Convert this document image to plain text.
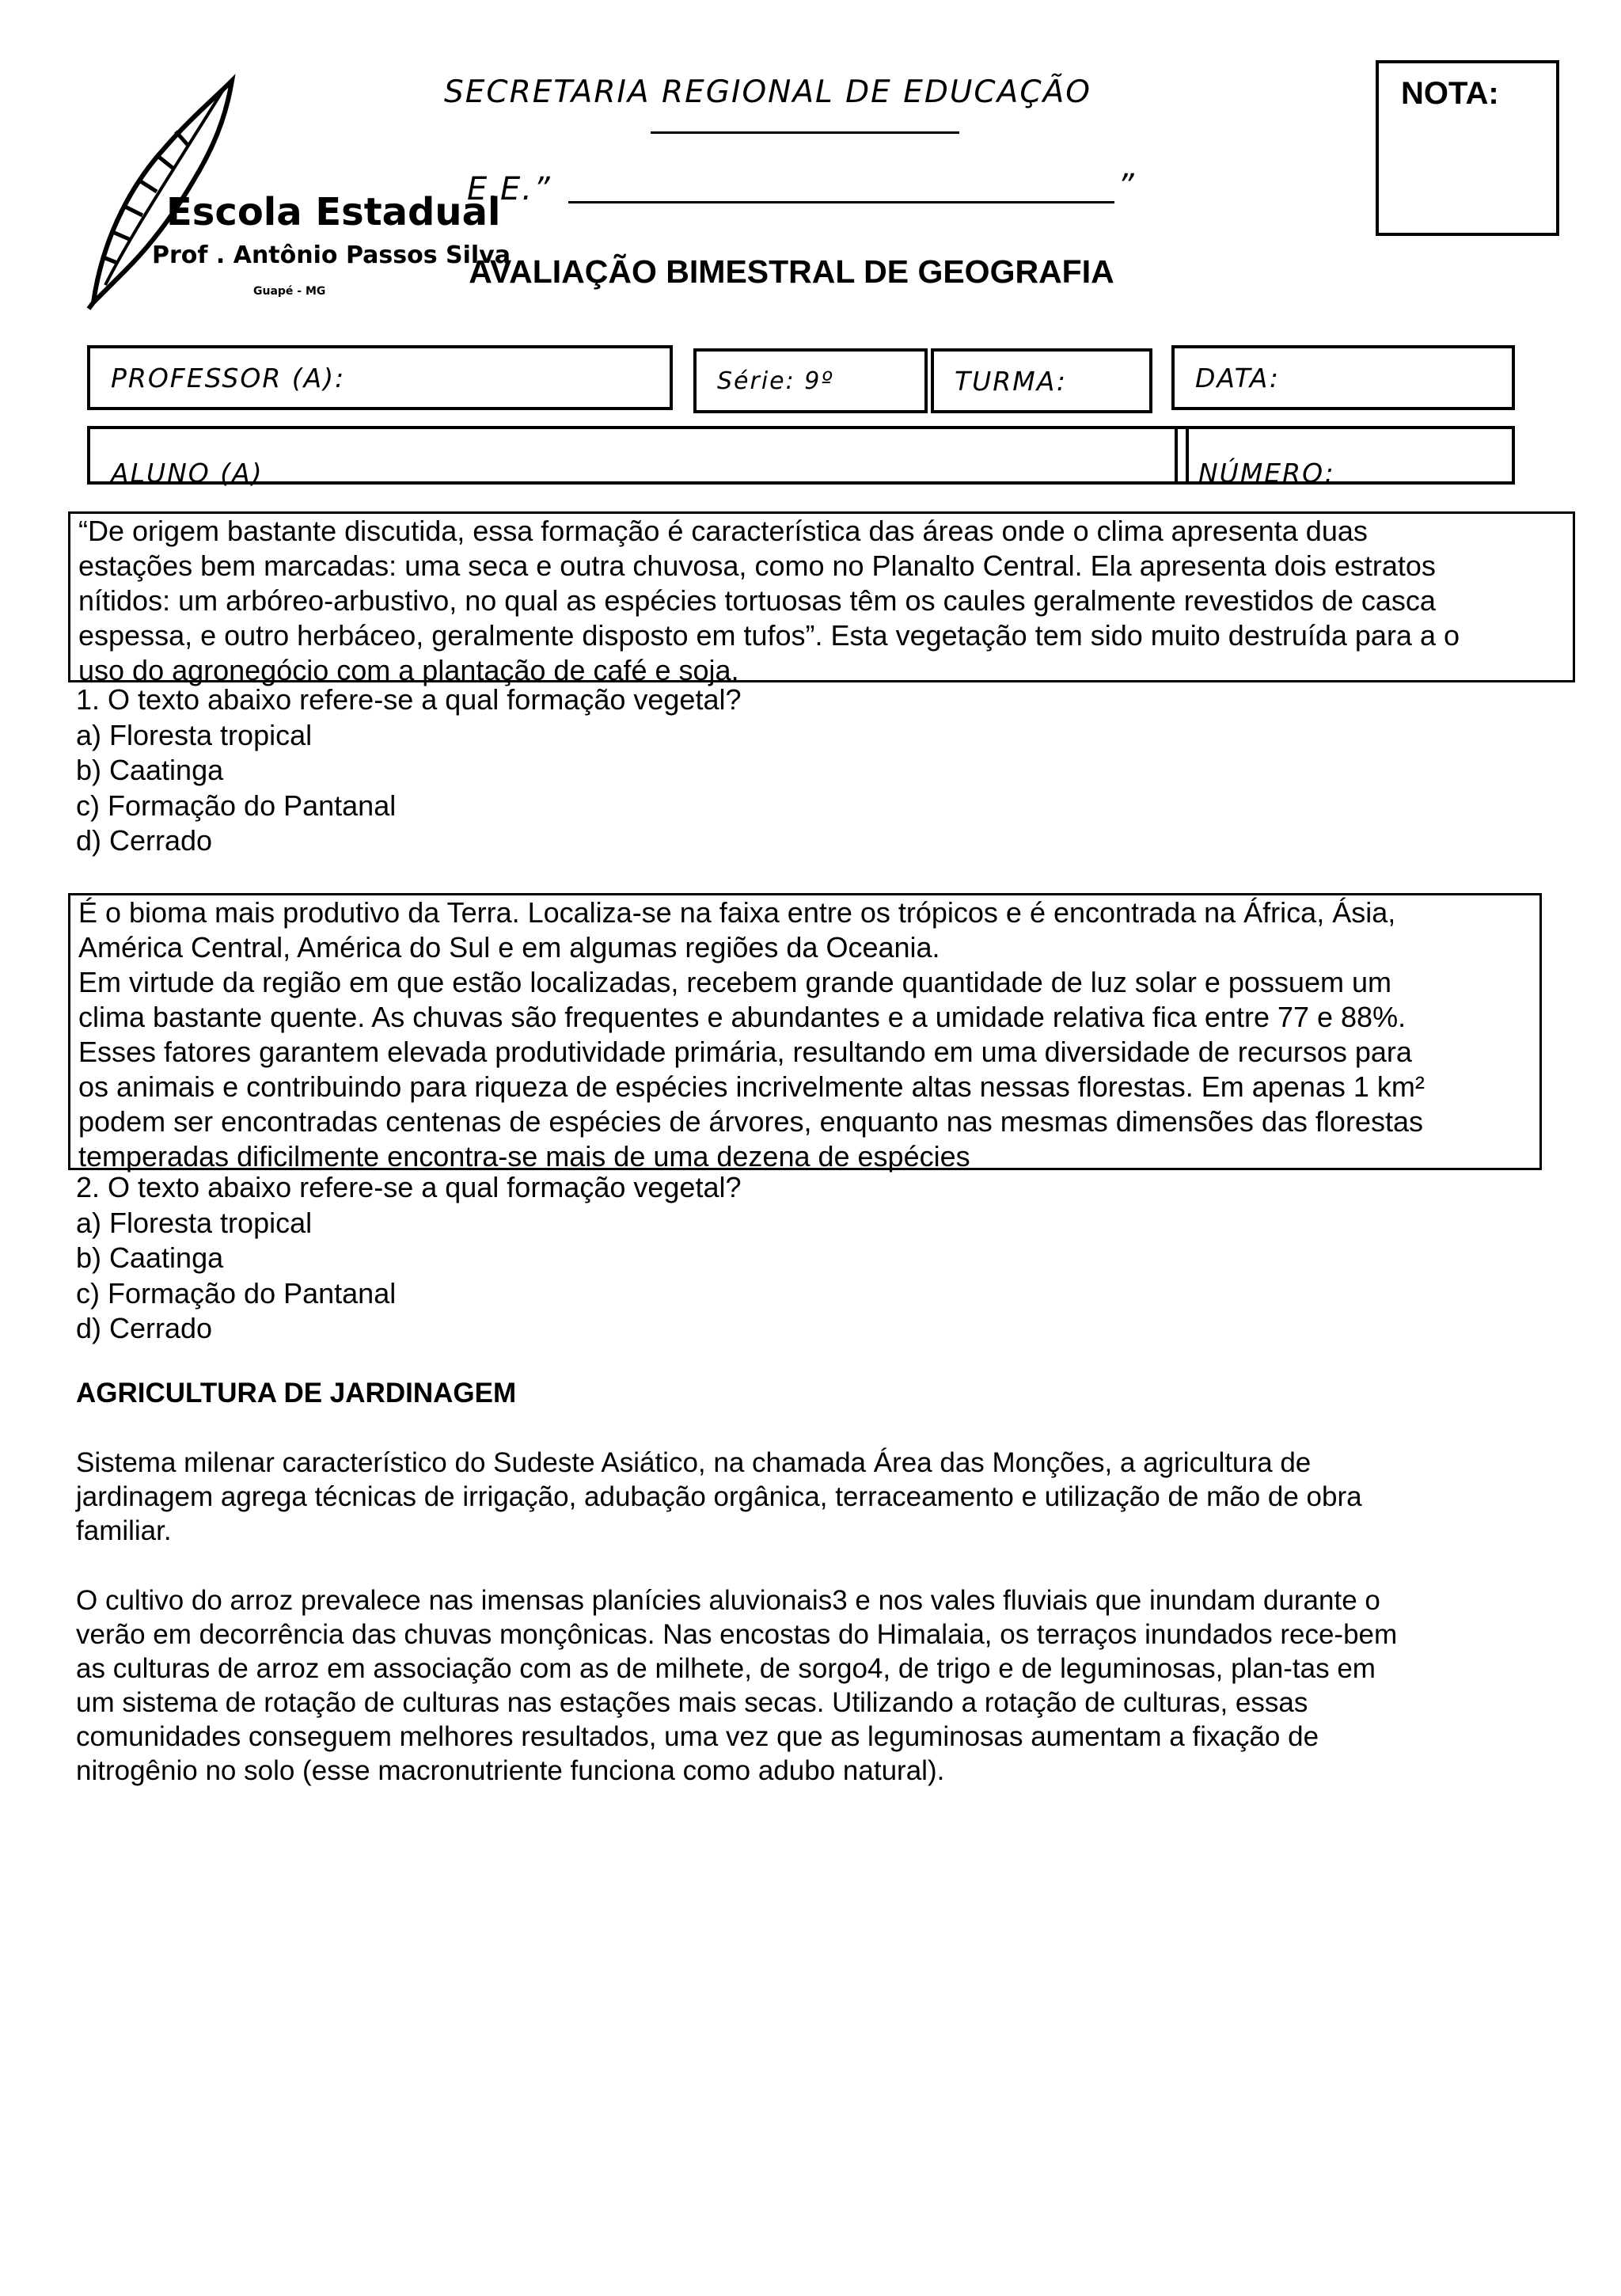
Escola Estadual
Prof . Antônio Passos Silva
Guapé - MG
SECRETARIA REGIONAL DE EDUCAÇÃO
E.E.”	”
AVALIAÇÃO BIMESTRAL DE GEOGRAFIA
NOTA:
PROFESSOR (A):	Série: 9º	TURMA:	DATA:
ALUNO (A)	NÚMERO:

“De origem bastante discutida, essa formação é característica das áreas onde o clima apresenta duas

estações bem marcadas: uma seca e outra chuvosa, como no Planalto Central. Ela apresenta dois estratos

nítidos: um arbóreo-arbustivo, no qual as espécies tortuosas têm os caules geralmente revestidos de casca

espessa, e outro herbáceo, geralmente disposto em tufos”. Esta vegetação tem sido muito destruída para a o

uso do agronegócio com a plantação de café e soja.

1. O texto abaixo refere-se a qual formação vegetal?

a) Floresta tropical

b) Caatinga

c) Formação do Pantanal

d) Cerrado

É o bioma mais produtivo da Terra. Localiza-se na faixa entre os trópicos e é encontrada na África, Ásia,

América Central, América do Sul e em algumas regiões da Oceania.

Em virtude da região em que estão localizadas, recebem grande quantidade de luz solar e possuem um

clima bastante quente. As chuvas são frequentes e abundantes e a umidade relativa fica entre 77 e 88%.

Esses fatores garantem elevada produtividade primária, resultando em uma diversidade de recursos para

os animais e contribuindo para riqueza de espécies incrivelmente altas nessas florestas. Em apenas 1 km²

podem ser encontradas centenas de espécies de árvores, enquanto nas mesmas dimensões das florestas

temperadas dificilmente encontra-se mais de uma dezena de espécies

2. O texto abaixo refere-se a qual formação vegetal?

a) Floresta tropical

b) Caatinga

c) Formação do Pantanal

d) Cerrado

AGRICULTURA DE JARDINAGEM

Sistema milenar característico do Sudeste Asiático, na chamada Área das Monções, a agricultura de

jardinagem agrega técnicas de irrigação, adubação orgânica, terraceamento e utilização de mão de obra

familiar.

O cultivo do arroz prevalece nas imensas planícies aluvionais3 e nos vales fluviais que inundam durante o

verão em decorrência das chuvas monçônicas. Nas encostas do Himalaia, os terraços inundados rece-bem

as culturas de arroz em associação com as de milhete, de sorgo4, de trigo e de leguminosas, plan-tas em

um sistema de rotação de culturas nas estações mais secas. Utilizando a rotação de culturas, essas

comunidades conseguem melhores resultados, uma vez que as leguminosas aumentam a fixação de

nitrogênio no solo (esse macronutriente funciona como adubo natural).
